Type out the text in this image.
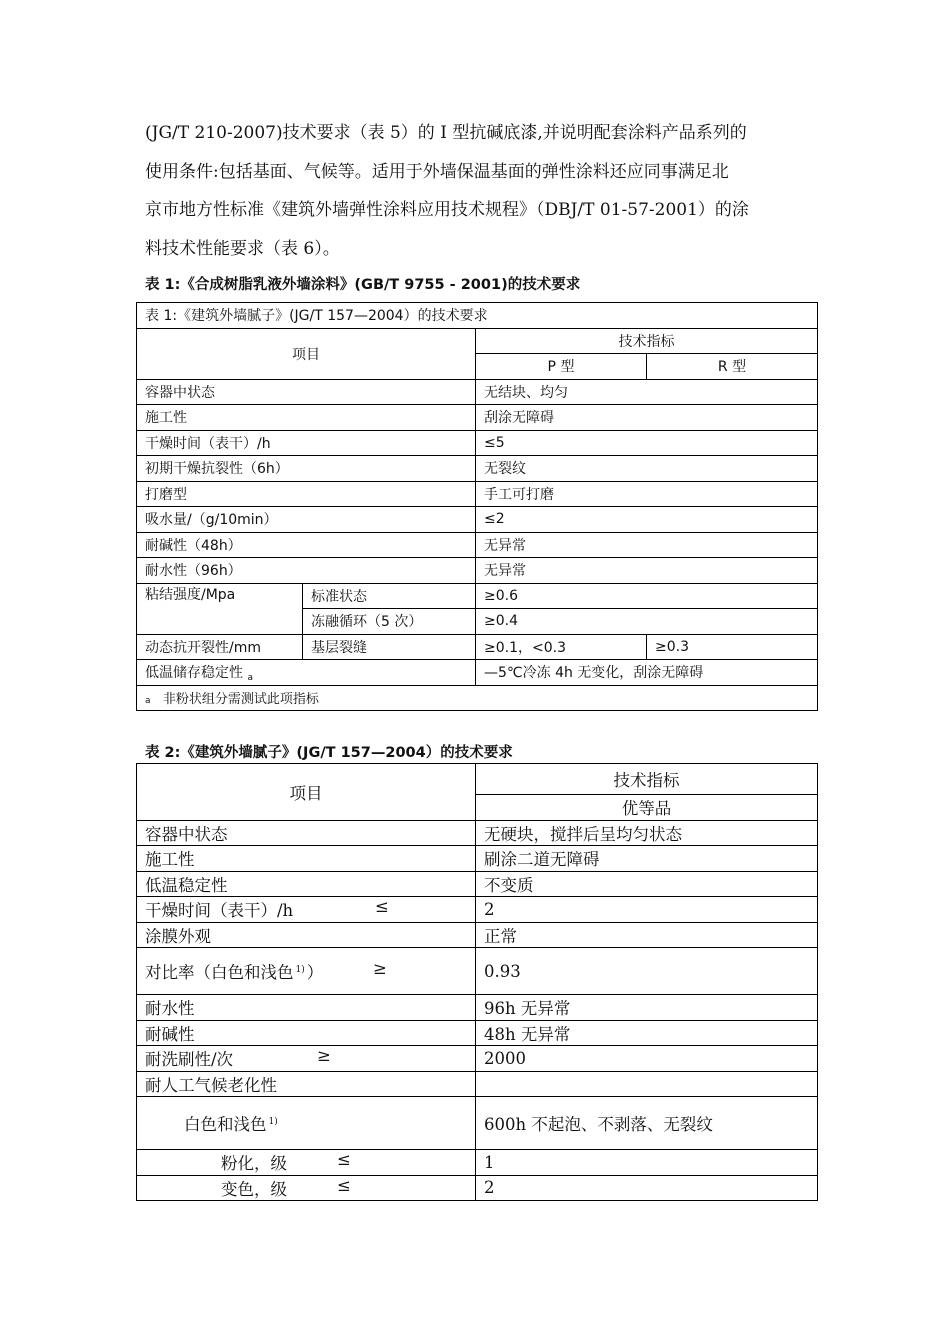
(JG/T 210-2007)技术要求（表 5）的 I 型抗碱底漆,并说明配套涂料产品系列的
使用条件:包括基面、气候等。适用于外墙保温基面的弹性涂料还应同事满足北
京市地方性标准《建筑外墙弹性涂料应用技术规程》（DBJ/T 01-57-2001）的涂
料技术性能要求（表 6）。
表 1:《合成树脂乳液外墙涂料》(GB/T 9755 - 2001)的技术要求
表 1:《建筑外墙腻子》(JG/T 157—2004）的技术要求			
项目		技术指标	
		P 型	R 型
容器中状态		无结块、均匀	
施工性		刮涂无障碍	
干燥时间（表干）/h		≤5	
初期干燥抗裂性（6h）		无裂纹	
打磨型		手工可打磨	
吸水量/（g/10min）		≤2	
耐碱性（48h）		无异常	
耐水性（96h）		无异常	
粘结强度/Mpa	标准状态	≥0.6	
	冻融循环（5 次）	≥0.4	
动态抗开裂性/mm	基层裂缝	≥0.1，<0.3	≥0.3
低温储存稳定性 $_a$		—5℃冷冻 4h 无变化，刮涂无障碍	
a 非粉状组分需测试此项指标			
表 2:《建筑外墙腻子》(JG/T 157—2004）的技术要求
项目	技术指标
	优等品
容器中状态	无硬块，搅拌后呈均匀状态
施工性	刷涂二道无障碍
低温稳定性	不变质
干燥时间（表干）/h ≤	2
涂膜外观	正常
对比率（白色和浅色 $^{1)}$ ） ≥	0.93
耐水性	96h 无异常
耐碱性	48h 无异常
耐洗刷性/次 ≥	2000
耐人工气候老化性	
白色和浅色 $^{1)}$	600h 不起泡、不剥落、无裂纹
粉化，级 ≤	1
变色，级 ≤	2
